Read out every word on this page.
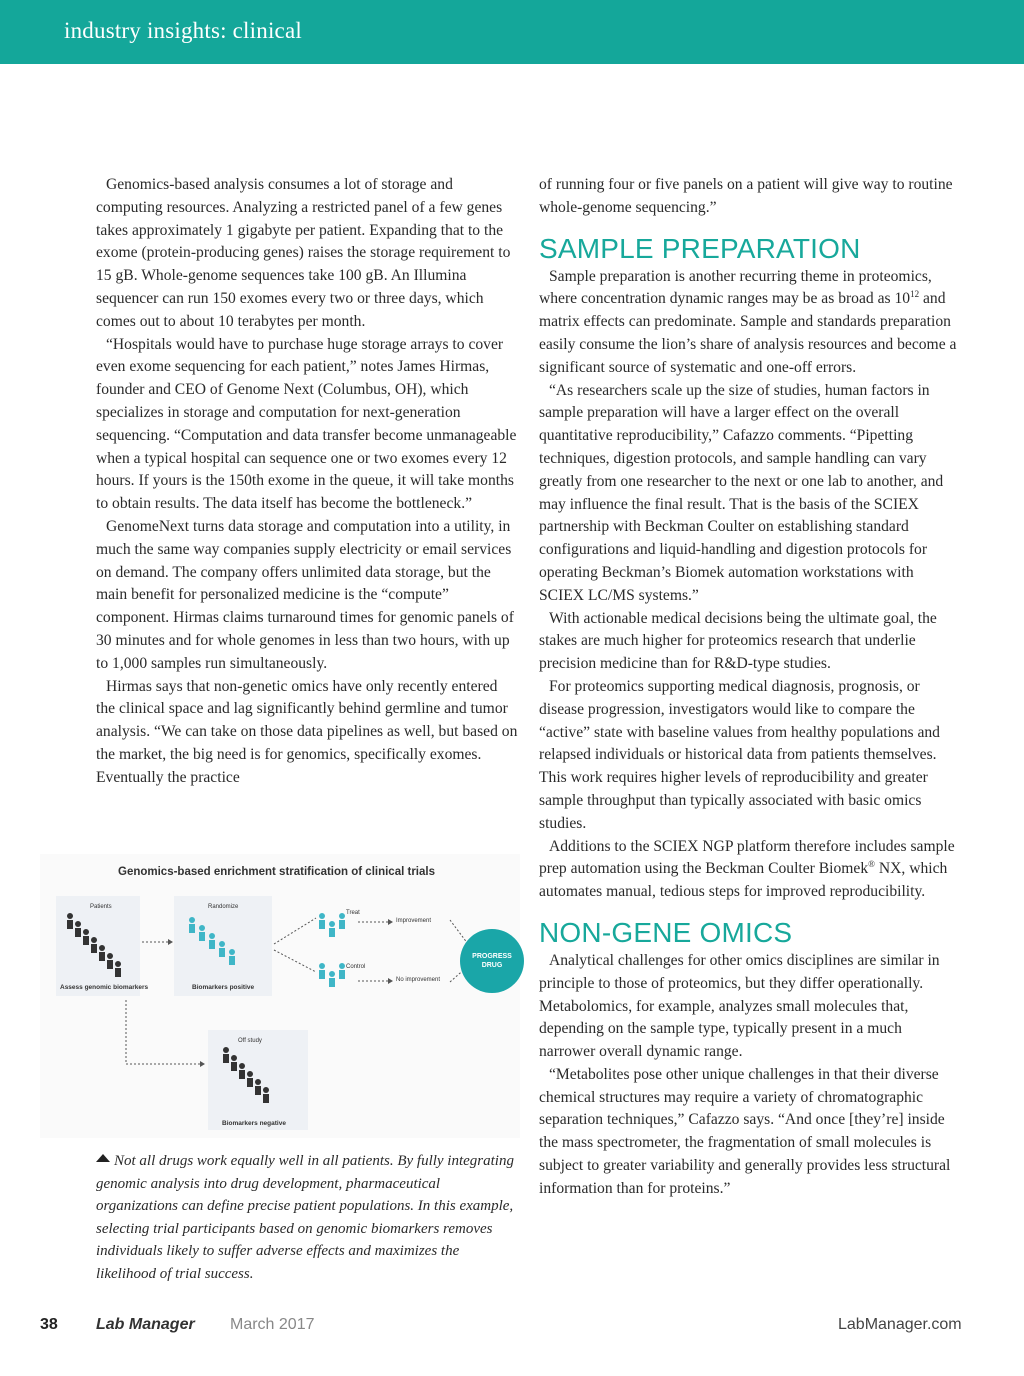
industry insights: clinical

Genomics-based analysis consumes a lot of storage and computing resources. Analyzing a restricted panel of a few genes takes approximately 1 gigabyte per patient. Expanding that to the exome (protein-producing genes) raises the storage requirement to 15 gB. Whole-genome sequences take 100 gB. An Illumina sequencer can run 150 exomes every two or three days, which comes out to about 10 terabytes per month.

“Hospitals would have to purchase huge storage arrays to cover even exome sequencing for each patient,” notes James Hirmas, founder and CEO of Genome Next (Columbus, OH), which specializes in storage and computation for next-generation sequencing. “Computation and data transfer become unmanageable when a typical hospital can sequence one or two exomes every 12 hours. If yours is the 150th exome in the queue, it will take months to obtain results. The data itself has become the bottleneck.”

GenomeNext turns data storage and computation into a utility, in much the same way companies supply electricity or email services on demand. The company offers unlimited data storage, but the main benefit for personalized medicine is the “compute” component. Hirmas claims turnaround times for genomic panels of 30 minutes and for whole genomes in less than two hours, with up to 1,000 samples run simultaneously.

Hirmas says that non-genetic omics have only recently entered the clinical space and lag significantly behind germline and tumor analysis. “We can take on those data pipelines as well, but based on the market, the big need is for genomics, specifically exomes. Eventually the practice

of running four or five panels on a patient will give way to routine whole-genome sequencing.”

SAMPLE PREPARATION

Sample preparation is another recurring theme in proteomics, where concentration dynamic ranges may be as broad as $10^{12}$ and matrix effects can predominate. Sample and standards preparation easily consume the lion’s share of analysis resources and become a significant source of systematic and one-off errors.

“As researchers scale up the size of studies, human factors in sample preparation will have a larger effect on the overall quantitative reproducibility,” Cafazzo comments. “Pipetting techniques, digestion protocols, and sample handling can vary greatly from one researcher to the next or one lab to another, and may influence the final result. That is the basis of the SCIEX partnership with Beckman Coulter on establishing standard configurations and liquid-handling and digestion protocols for operating Beckman’s Biomek automation workstations with SCIEX LC/MS systems.”

With actionable medical decisions being the ultimate goal, the stakes are much higher for proteomics research that underlie precision medicine than for R&D-type studies.

For proteomics supporting medical diagnosis, prognosis, or disease progression, investigators would like to compare the “active” state with baseline values from healthy populations and relapsed individuals or historical data from patients themselves. This work requires higher levels of reproducibility and greater sample throughput than typically associated with basic omics studies.

Additions to the SCIEX NGP platform therefore includes sample prep automation using the Beckman Coulter Biomek® NX, which automates manual, tedious steps for improved reproducibility.

NON-GENE OMICS

Analytical challenges for other omics disciplines are similar in principle to those of proteomics, but they differ operationally. Metabolomics, for example, analyzes small molecules that, depending on the sample type, typically present in a much narrower overall dynamic range.

“Metabolites pose other unique challenges in that their diverse chemical structures may require a variety of chromatographic separation techniques,” Cafazzo says. “And once [they’re] inside the mass spectrometer, the fragmentation of small molecules is subject to greater variability and generally provides less structural information than for proteins.”

Genomics-based enrichment stratification of clinical trials
Patients
Assess genomic biomarkers
Randomize
Biomarkers positive
Treat
Control
Improvement
No improvement
PROGRESS
DRUG
Off study
Biomarkers negative
Not all drugs work equally well in all patients. By fully integrating genomic analysis into drug development, pharmaceutical organizations can define precise patient populations. In this example, selecting trial participants based on genomic biomarkers removes individuals likely to suffer adverse effects and maximizes the likelihood of trial success.
38 Lab Manager March 2017	LabManager.com
